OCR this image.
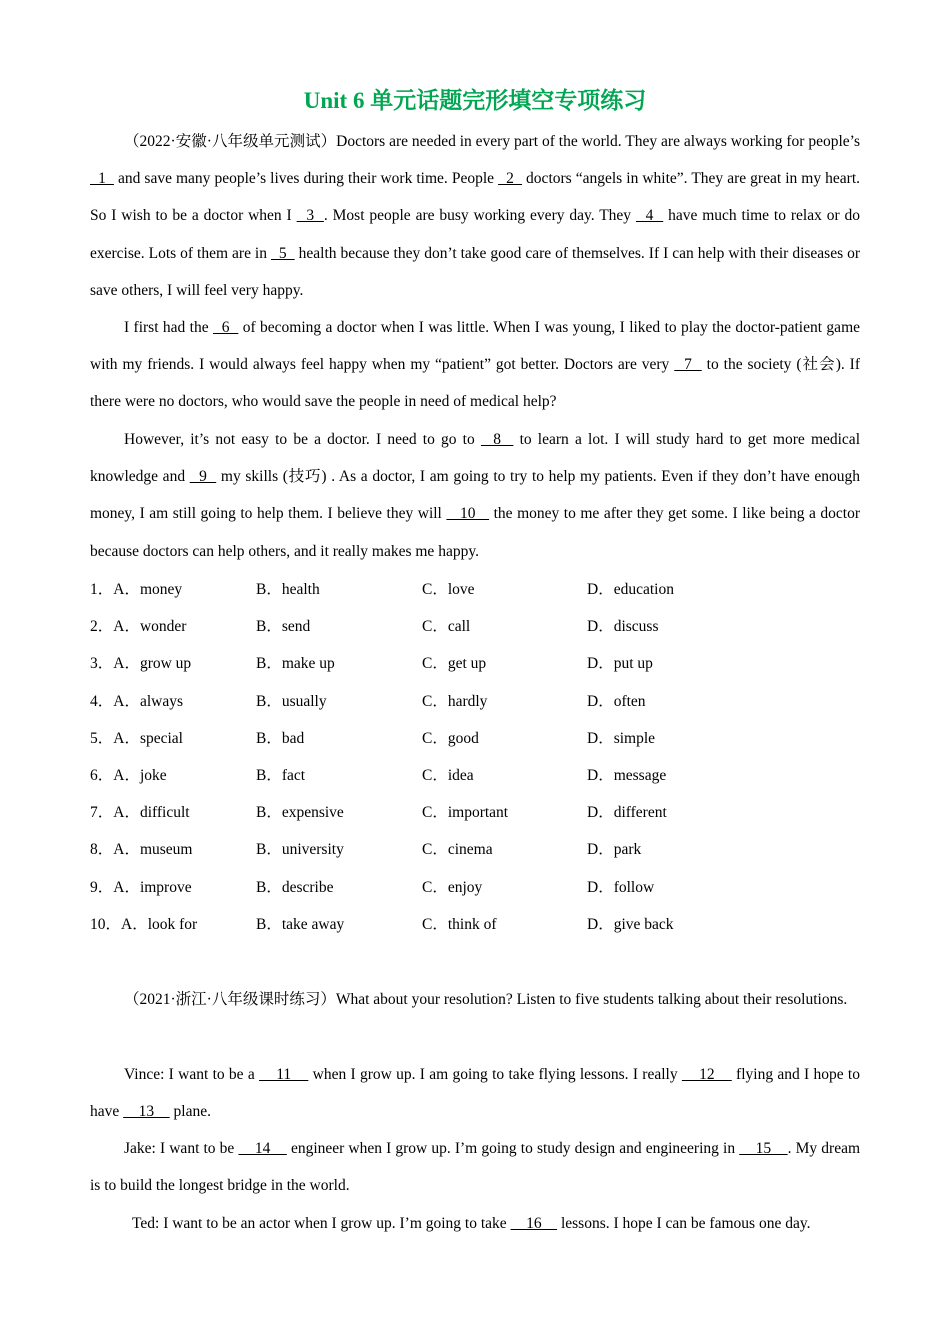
Unit 6 单元话题完形填空专项练习

（2022·安徽·八年级单元测试）Doctors are needed in every part of the world. They are always working for people’s   1   and save many people’s lives during their work time. People   2   doctors “angels in white”. They are great in my heart. So I wish to be a doctor when I   3  . Most people are busy working every day. They   4   have much time to relax or do exercise. Lots of them are in   5   health because they don’t take good care of themselves. If I can help with their diseases or save others, I will feel very happy.

I first had the   6   of becoming a doctor when I was little. When I was young, I liked to play the doctor-patient game with my friends. I would always feel happy when my “patient” got better. Doctors are very   7   to the society (社会). If there were no doctors, who would save the people in need of medical help?

However, it’s not easy to be a doctor. I need to go to   8   to learn a lot. I will study hard to get more medical knowledge and   9   my skills (技巧) . As a doctor, I am going to try to help my patients. Even if they don’t have enough money, I am still going to help them. I believe they will    10    the money to me after they get some. I like being a doctor because doctors can help others, and it really makes me happy.

1．A．money	B．health	C．love	D．education
2．A．wonder	B．send	C．call	D．discuss
3．A．grow up	B．make up	C．get up	D．put up
4．A．always	B．usually	C．hardly	D．often
5．A．special	B．bad	C．good	D．simple
6．A．joke	B．fact	C．idea	D．message
7．A．difficult	B．expensive	C．important	D．different
8．A．museum	B．university	C．cinema	D．park
9．A．improve	B．describe	C．enjoy	D．follow
10．A．look for	B．take away	C．think of	D．give back

（2021·浙江·八年级课时练习）What about your resolution? Listen to five students talking about their resolutions.

Vince: I want to be a     11     when I grow up. I am going to take flying lessons. I really     12     flying and I hope to have     13     plane.

Jake: I want to be     14     engineer when I grow up. I’m going to study design and engineering in     15    . My dream is to build the longest bridge in the world.

Ted: I want to be an actor when I grow up. I’m going to take     16     lessons. I hope I can be famous one day.
